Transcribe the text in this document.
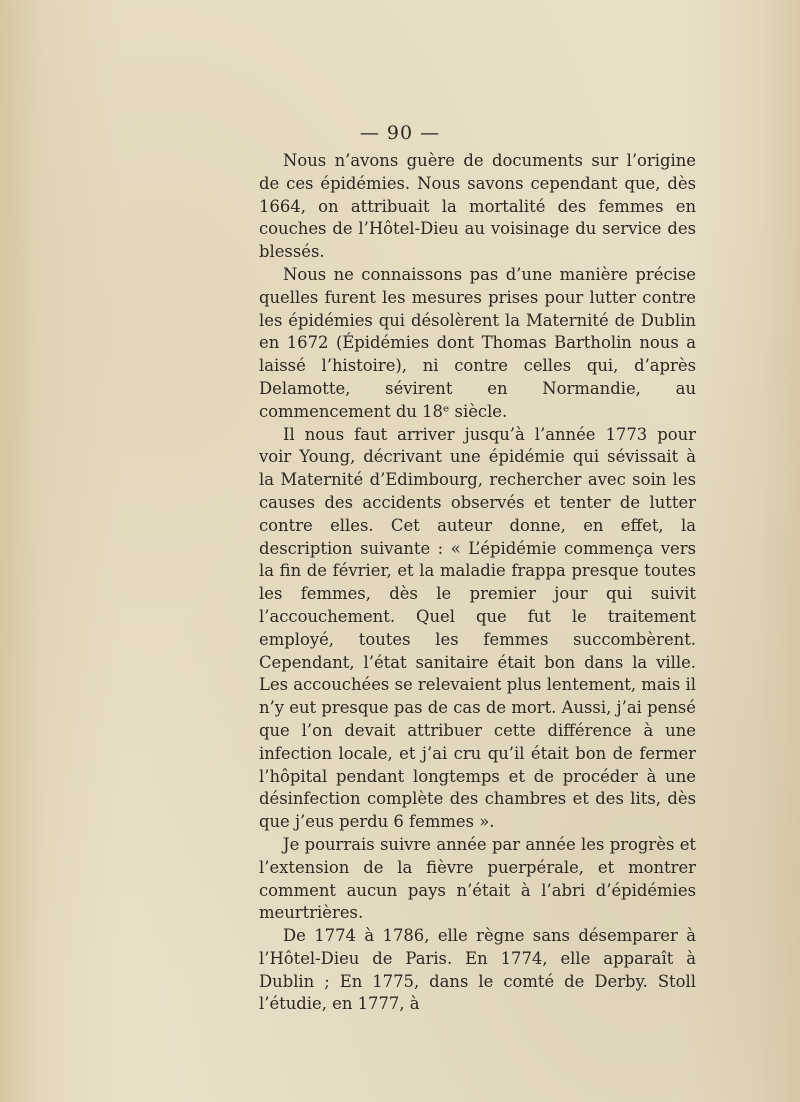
— 90 —

Nous n’avons guère de documents sur l’origine de ces épidémies. Nous savons cependant que, dès 1664, on attribuait la mortalité des femmes en couches de l’Hôtel-Dieu au voisinage du service des blessés.

Nous ne connaissons pas d’une manière précise quelles furent les mesures prises pour lutter contre les épidémies qui désolèrent la Maternité de Dublin en 1672 (Épidémies dont Thomas Bartholin nous a laissé l’histoire), ni contre celles qui, d’après Delamotte, sévirent en Normandie, au commencement du 18ᵉ siècle.

Il nous faut arriver jusqu’à l’année 1773 pour voir Young, décrivant une épidémie qui sévissait à la Maternité d’Edimbourg, rechercher avec soin les causes des accidents observés et tenter de lutter contre elles. Cet auteur donne, en effet, la description suivante : « L’épidémie commença vers la fin de février, et la maladie frappa presque toutes les femmes, dès le premier jour qui suivit l’accouchement. Quel que fut le traitement employé, toutes les femmes succombèrent. Cependant, l’état sanitaire était bon dans la ville. Les accouchées se relevaient plus lentement, mais il n’y eut presque pas de cas de mort. Aussi, j’ai pensé que l’on devait attribuer cette différence à une infection locale, et j’ai cru qu’il était bon de fermer l’hôpital pendant longtemps et de procéder à une désinfection complète des chambres et des lits, dès que j’eus perdu 6 femmes ».

Je pourrais suivre année par année les progrès et l’extension de la fièvre puerpérale, et montrer comment aucun pays n’était à l’abri d’épidémies meurtrières.

De 1774 à 1786, elle règne sans désemparer à l’Hôtel-Dieu de Paris. En 1774, elle apparaît à Dublin ; En 1775, dans le comté de Derby. Stoll l’étudie, en 1777, à
